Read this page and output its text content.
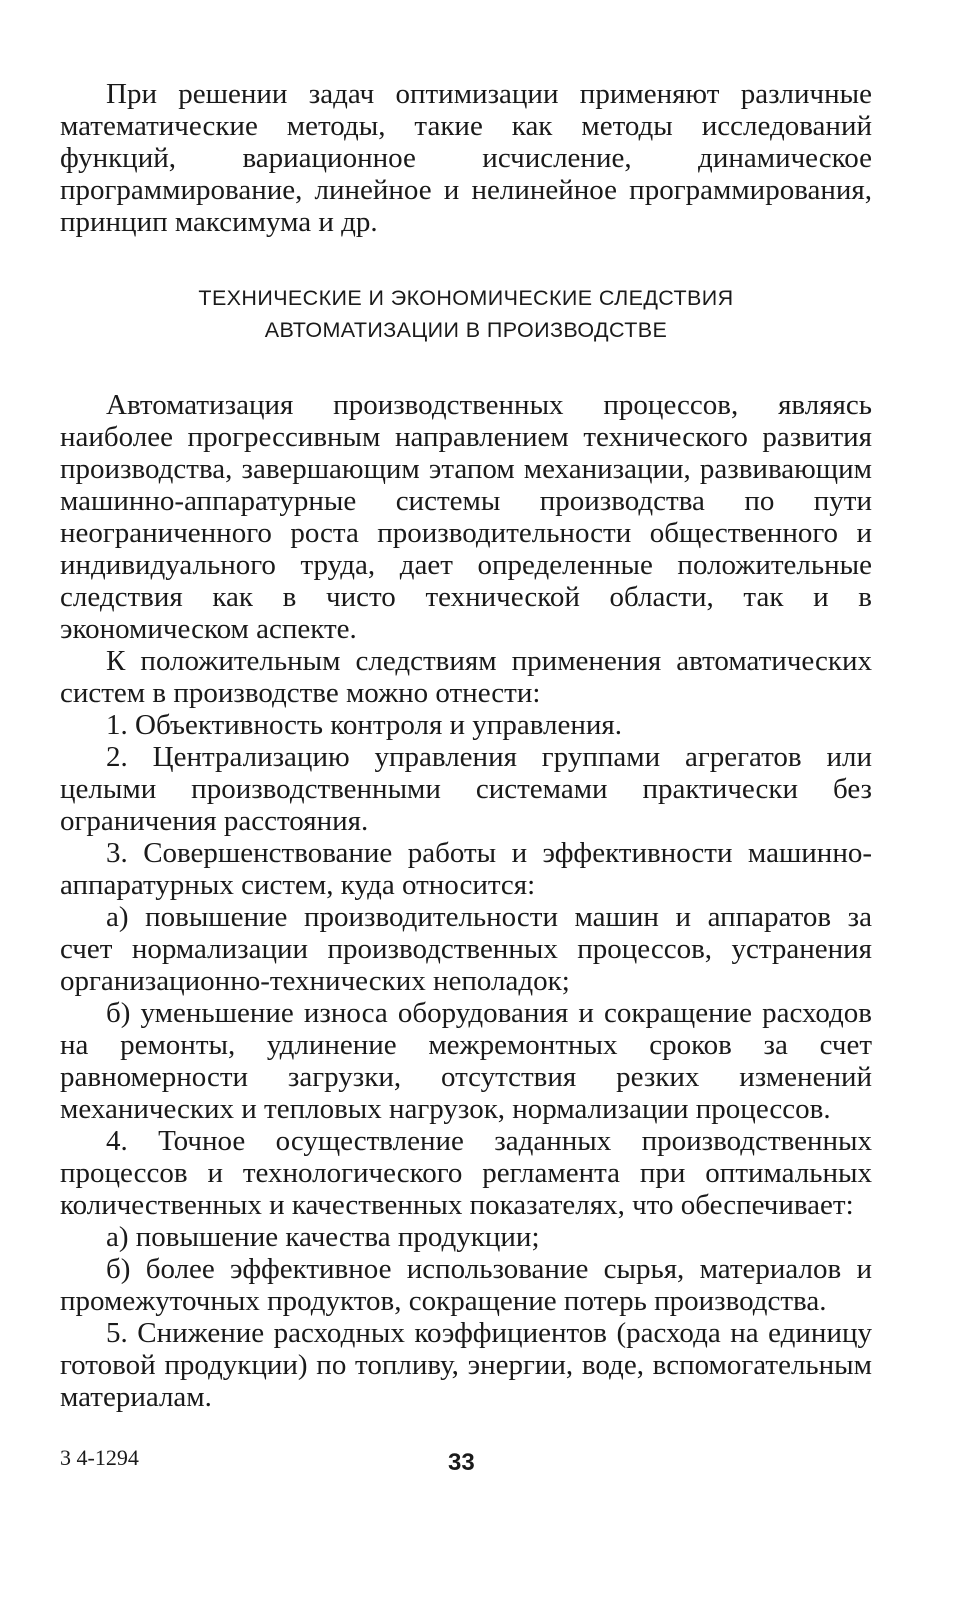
При решении задач оптимизации применяют различные математические методы, такие как методы исследований функций, вариационное исчисление, динамическое программирование, линейное и нелинейное программирования, принцип максимума и др.

ТЕХНИЧЕСКИЕ И ЭКОНОМИЧЕСКИЕ СЛЕДСТВИЯ
АВТОМАТИЗАЦИИ В ПРОИЗВОДСТВЕ

Автоматизация производственных процессов, являясь наиболее прогрессивным направлением технического развития производства, завершающим этапом механизации, развивающим машинно-аппаратурные системы производства по пути неограниченного роста производительности общественного и индивидуального труда, дает определенные положительные следствия как в чисто технической области, так и в экономическом аспекте.

К положительным следствиям применения автоматических систем в производстве можно отнести:

1. Объективность контроля и управления.

2. Централизацию управления группами агрегатов или целыми производственными системами практически без ограничения расстояния.

3. Совершенствование работы и эффективности машинно-аппаратурных систем, куда относится:

а) повышение производительности машин и аппаратов за счет нормализации производственных процессов, устранения организационно-технических неполадок;

б) уменьшение износа оборудования и сокращение расходов на ремонты, удлинение межремонтных сроков за счет равномерности загрузки, отсутствия резких изменений механических и тепловых нагрузок, нормализации процессов.

4. Точное осуществление заданных производственных процессов и технологического регламента при оптимальных количественных и качественных показателях, что обеспечивает:

а) повышение качества продукции;

б) более эффективное использование сырья, материалов и промежуточных продуктов, сокращение потерь производства.

5. Снижение расходных коэффициентов (расхода на единицу готовой продукции) по топливу, энергии, воде, вспомогательным материалам.

3 4-1294	33
